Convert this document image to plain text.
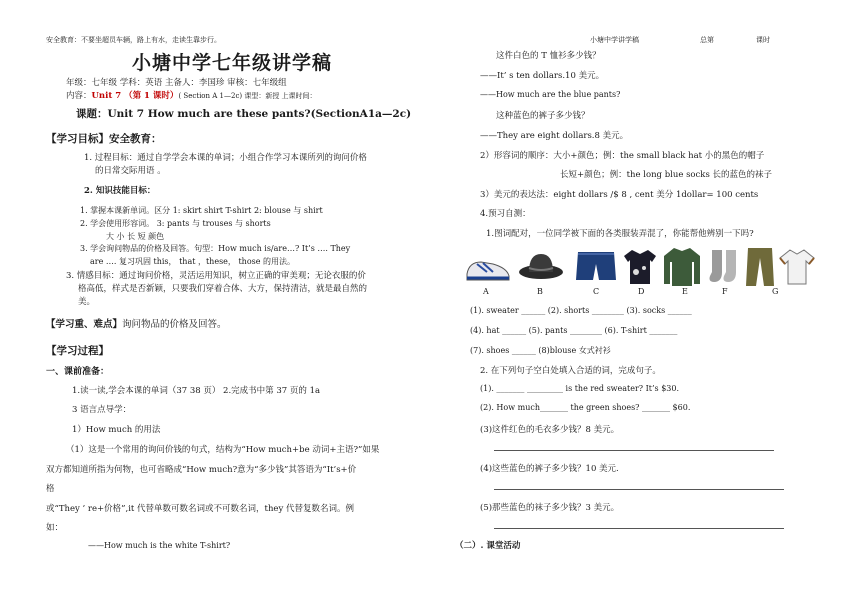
安全教育：不要坐超员车辆，路上有水，走读生靠步行。	小塘中学讲学稿	总第	课时
小塘中学七年级讲学稿
年级：七年级 学科：英语 主备人：李国珍 审核：七年级组
内容：Unit 7 （第 1 课时）( Section A 1—2c) 课型：新授 上课时间：
课题：Unit 7 How much are these pants?(SectionA1a—2c)
【学习目标】安全教育：
1. 过程目标：通过自学学会本课的单词；小组合作学习本课所列的询问价格
的日常交际用语 。
2. 知识技能目标：
1. 掌握本课新单词。区分 1: skirt shirt T-shirt 2: blouse 与 shirt
2. 学会使用形容词。 3: pants 与 trouses 与 shorts
大 小 长 短 颜色
3. 学会询问物品的价格及回答。句型：How much is/are…? It’s …. They
are …. 复习巩固 this， that ，these， those 的用法。
3. 情感目标：通过询问价格，灵活运用知识，树立正确的审美观；无论衣服的价
格高低，样式是否新颖，只要我们穿着合体、大方，保持清洁，就是最自然的
美。
【学习重、难点】询问物品的价格及回答。
【学习过程】
一、课前准备：
1.读一读,学会本课的单词（37 38 页） 2.完成书中第 37 页的 1a
3 语言点导学：
1）How much 的用法
（1）这是一个常用的询问价钱的句式，结构为“How much+be 动词+主语?”如果
双方都知道所指为何物，也可省略成“How much?意为“多少钱”其答语为“It’s+价
格
或“They ’ re+价格”,it 代替单数可数名词或不可数名词，they 代替复数名词。例
如：
——How much is the white T-shirt?
这件白色的 T 恤衫多少钱？
——It’ s ten dollars.10 美元。
——How much are the blue pants?
这种蓝色的裤子多少钱？
——They are eight dollars.8 美元。
2）形容词的顺序：大小+颜色；例：the small black hat 小的黑色的帽子
长短+颜色；例：the long blue socks 长的蓝色的袜子
3）美元的表达法：eight dollars /$ 8 , cent 美分 1dollar= 100 cents
4.预习自测：
1.图词配对，一位同学被下面的各类服装弄混了，你能帮他辨别一下吗?
A	B	C	D	E	F	G
(1). sweater ______ (2). shorts ________ (3). socks ______
(4). hat ______ (5). pants ________ (6). T-shirt _______
(7). shoes ______ (8)blouse 女式衬衫
2. 在下列句子空白处填入合适的词，完成句子。
(1). _______ _________ is the red sweater? It’s $30.
(2). How much_______ the green shoes? _______ $60.
(3)这件红色的毛衣多少钱？8 美元。
(4)这些蓝色的裤子多少钱？10 美元.
(5)那些蓝色的袜子多少钱？3 美元。
（二）. 课堂活动
